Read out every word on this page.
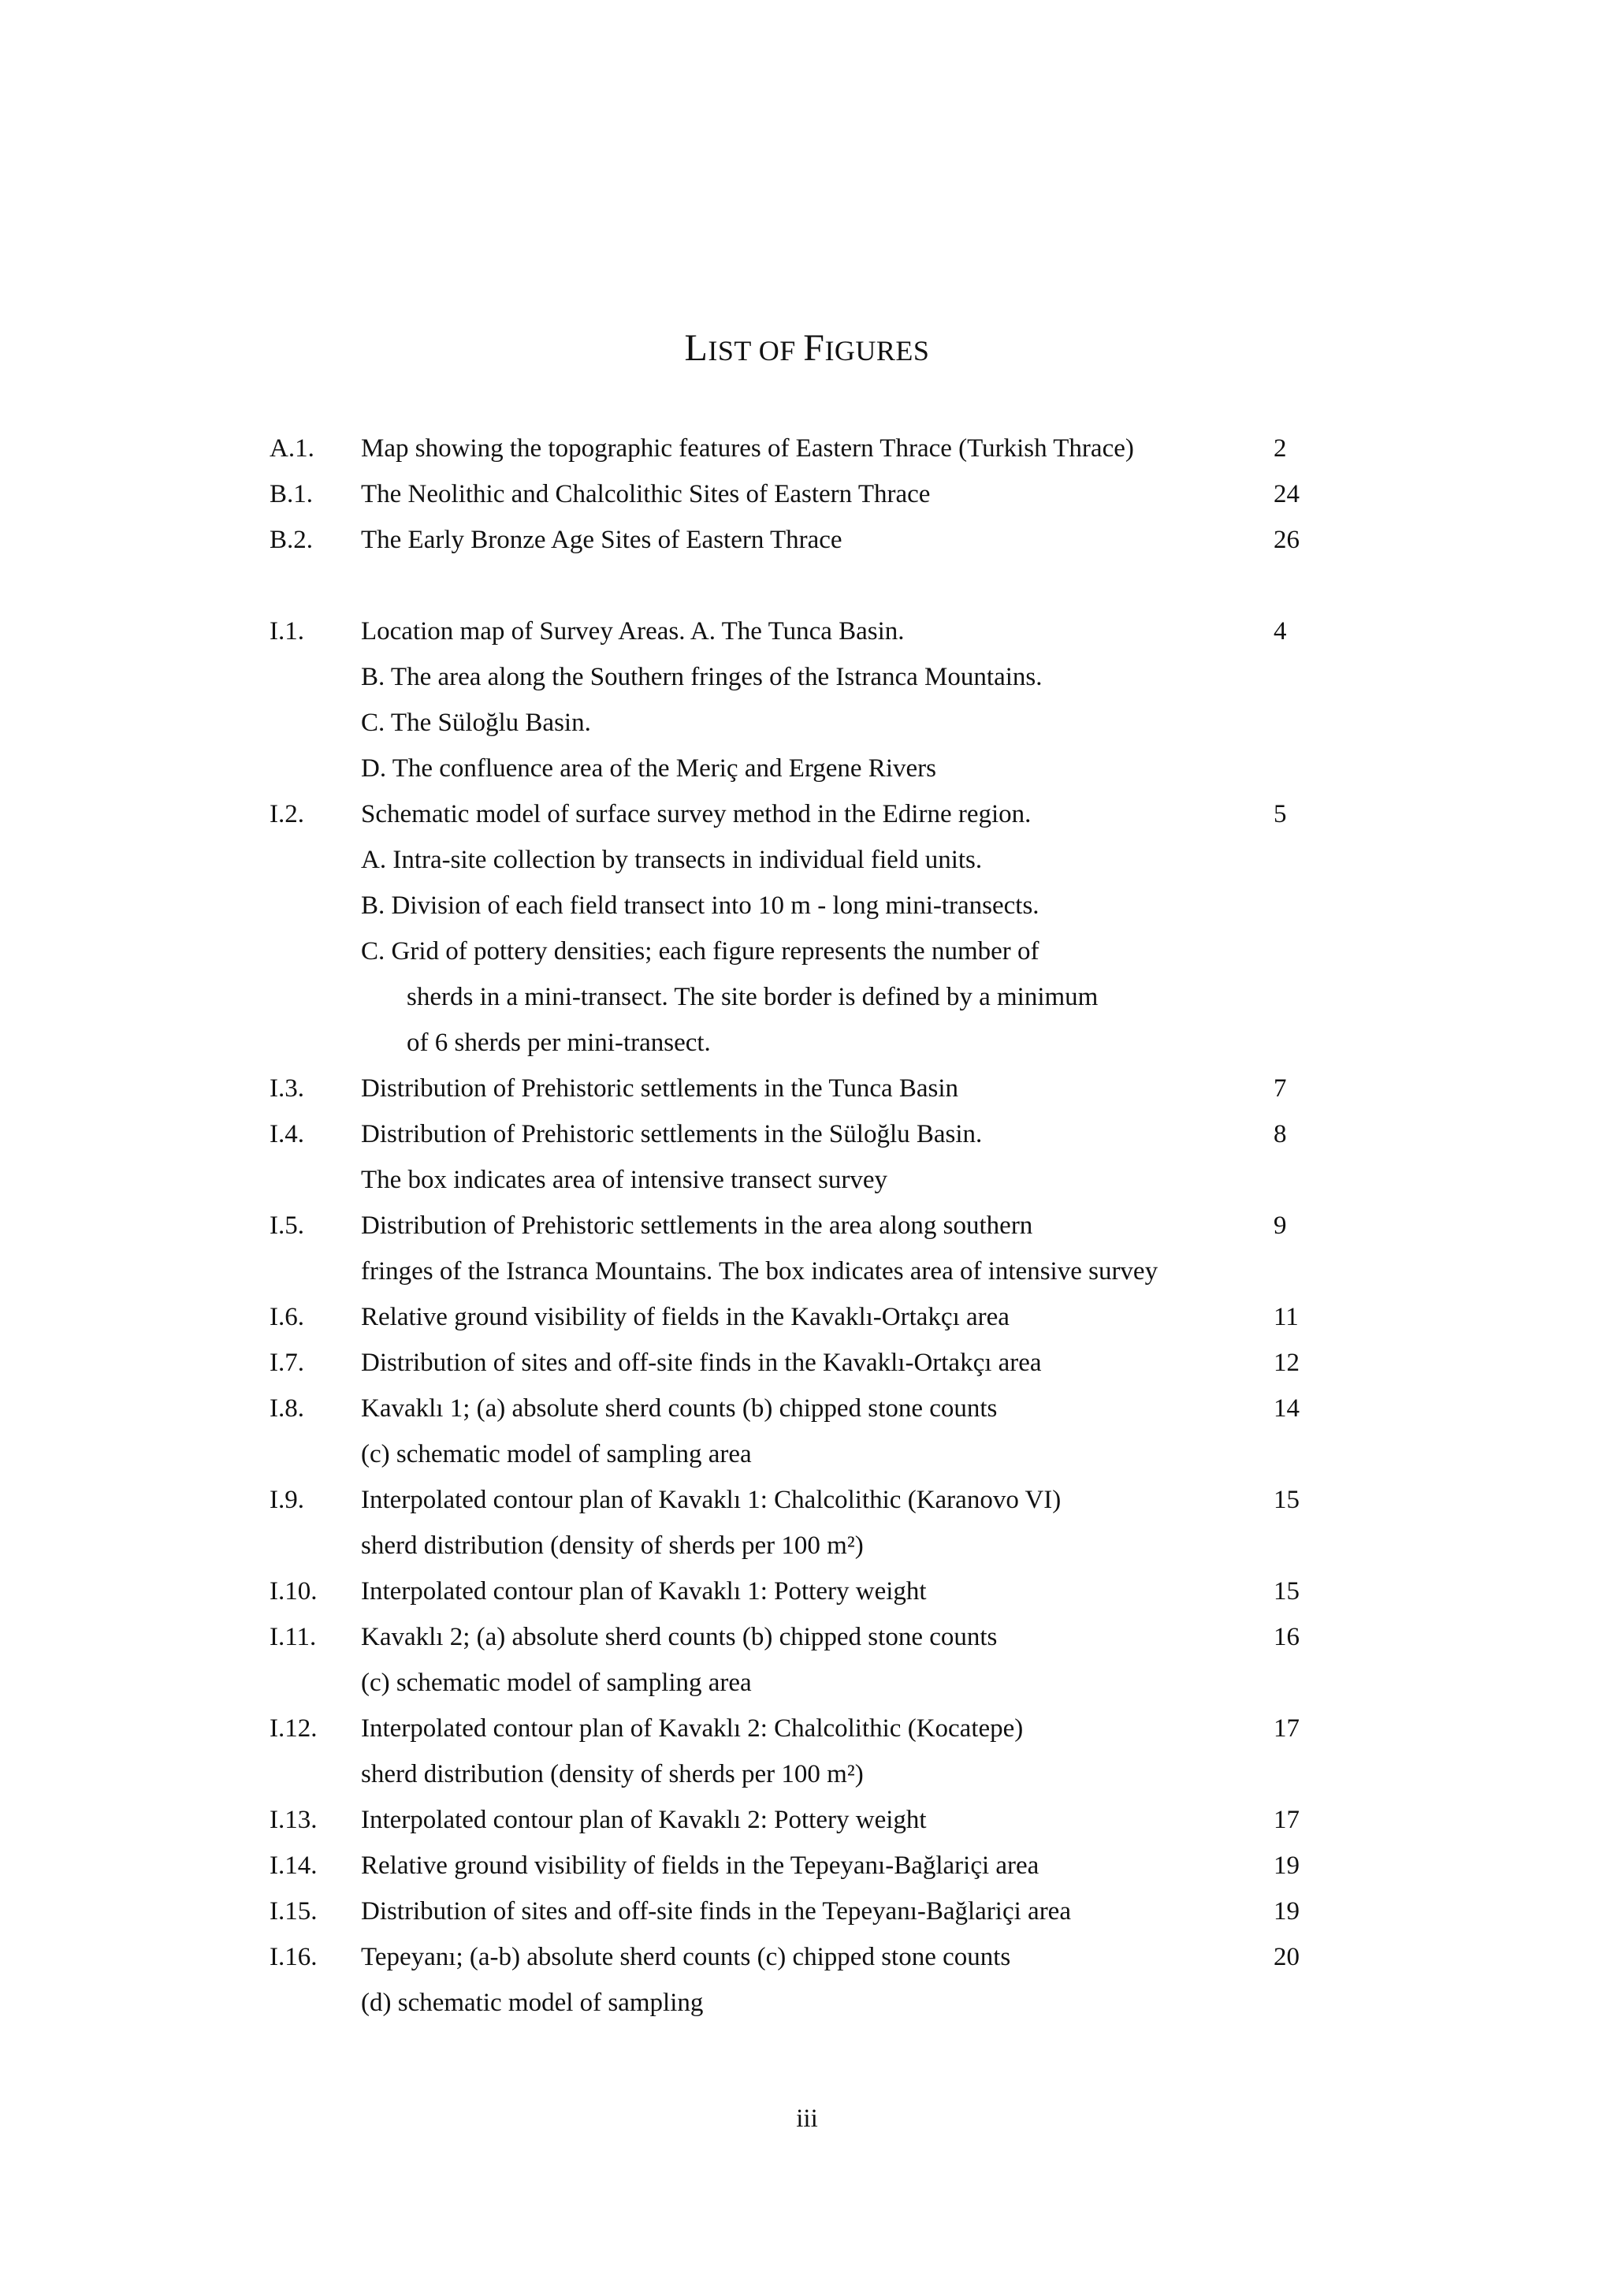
LIST OF FIGURES
A.1. Map showing the topographic features of Eastern Thrace (Turkish Thrace)	2
B.1. The Neolithic and Chalcolithic Sites of Eastern Thrace	24
B.2. The Early Bronze Age Sites of Eastern Thrace	26
I.1. Location map of Survey Areas. A. The Tunca Basin.	4
B. The area along the Southern fringes of the Istranca Mountains.
C. The Süloğlu Basin.
D. The confluence area of the Meriç and Ergene Rivers
I.2. Schematic model of surface survey method in the Edirne region.	5
A. Intra-site collection by transects in individual field units.
B. Division of each field transect into 10 m - long mini-transects.
C. Grid of pottery densities; each figure represents the number of
sherds in a mini-transect. The site border is defined by a minimum
of 6 sherds per mini-transect.
I.3. Distribution of Prehistoric settlements in the Tunca Basin	7
I.4. Distribution of Prehistoric settlements in the Süloğlu Basin.	8
The box indicates area of intensive transect survey
I.5. Distribution of Prehistoric settlements in the area along southern	9
fringes of the Istranca Mountains. The box indicates area of intensive survey
I.6. Relative ground visibility of fields in the Kavaklı-Ortakçı area	11
I.7. Distribution of sites and off-site finds in the Kavaklı-Ortakçı area	12
I.8. Kavaklı 1; (a) absolute sherd counts (b) chipped stone counts	14
(c) schematic model of sampling area
I.9. Interpolated contour plan of Kavaklı 1: Chalcolithic (Karanovo VI)	15
sherd distribution (density of sherds per 100 m²)
I.10. Interpolated contour plan of Kavaklı 1: Pottery weight	15
I.11. Kavaklı 2; (a) absolute sherd counts (b) chipped stone counts	16
(c) schematic model of sampling area
I.12. Interpolated contour plan of Kavaklı 2: Chalcolithic (Kocatepe)	17
sherd distribution (density of sherds per 100 m²)
I.13. Interpolated contour plan of Kavaklı 2: Pottery weight	17
I.14. Relative ground visibility of fields in the Tepeyanı-Bağlariçi area	19
I.15. Distribution of sites and off-site finds in the Tepeyanı-Bağlariçi area	19
I.16. Tepeyanı; (a-b) absolute sherd counts (c) chipped stone counts	20
(d) schematic model of sampling
iii
